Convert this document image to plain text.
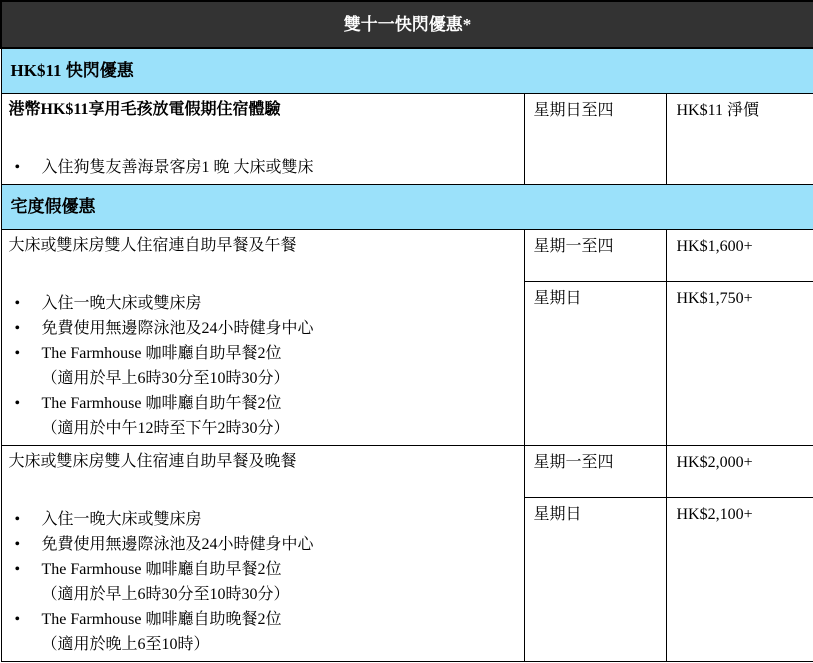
雙十一快閃優惠*		
HK$11 快閃優惠		

港幣HK$11享用毛孩放電假期住宿體驗
• 入住狗隻友善海景客房1 晚 大床或雙床	星期日至四	HK$11 淨價
宅度假優惠		

大床或雙床房雙人住宿連自助早餐及午餐
• 入住一晚大床或雙床房
• 免費使用無邊際泳池及24小時健身中心
• The Farmhouse 咖啡廳自助早餐2位
（適用於早上6時30分至10時30分）
• The Farmhouse 咖啡廳自助午餐2位
（適用於中午12時至下午2時30分）
	星期一至四	HK$1,600+
	星期日	HK$1,750+

大床或雙床房雙人住宿連自助早餐及晚餐
• 入住一晚大床或雙床房
• 免費使用無邊際泳池及24小時健身中心
• The Farmhouse 咖啡廳自助早餐2位
（適用於早上6時30分至10時30分）
• The Farmhouse 咖啡廳自助晚餐2位
（適用於晚上6至10時）
	星期一至四	HK$2,000+
	星期日	HK$2,100+
